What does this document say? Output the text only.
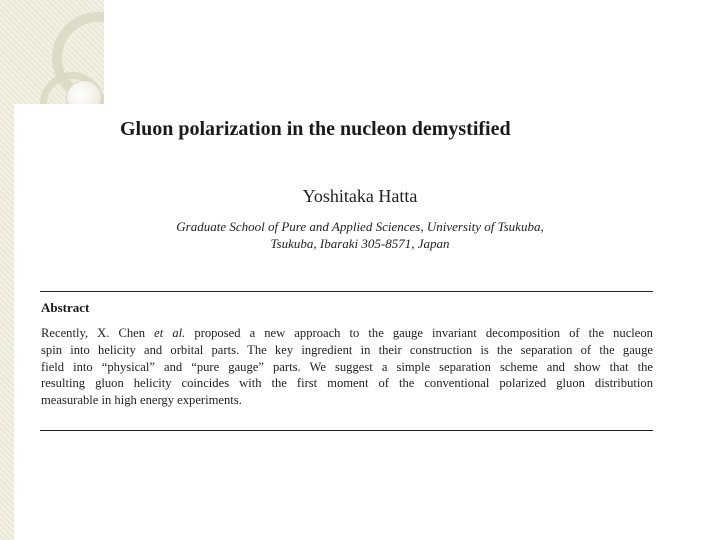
Gluon polarization in the nucleon demystified
Yoshitaka Hatta
Graduate School of Pure and Applied Sciences, University of Tsukuba,
Tsukuba, Ibaraki 305-8571, Japan
Abstract
Recently, X. Chen et al. proposed a new approach to the gauge invariant decomposition of the nucleon
spin into helicity and orbital parts. The key ingredient in their construction is the separation of the gauge
field into “physical” and “pure gauge” parts. We suggest a simple separation scheme and show that the
resulting gluon helicity coincides with the first moment of the conventional polarized gluon distribution
measurable in high energy experiments.
